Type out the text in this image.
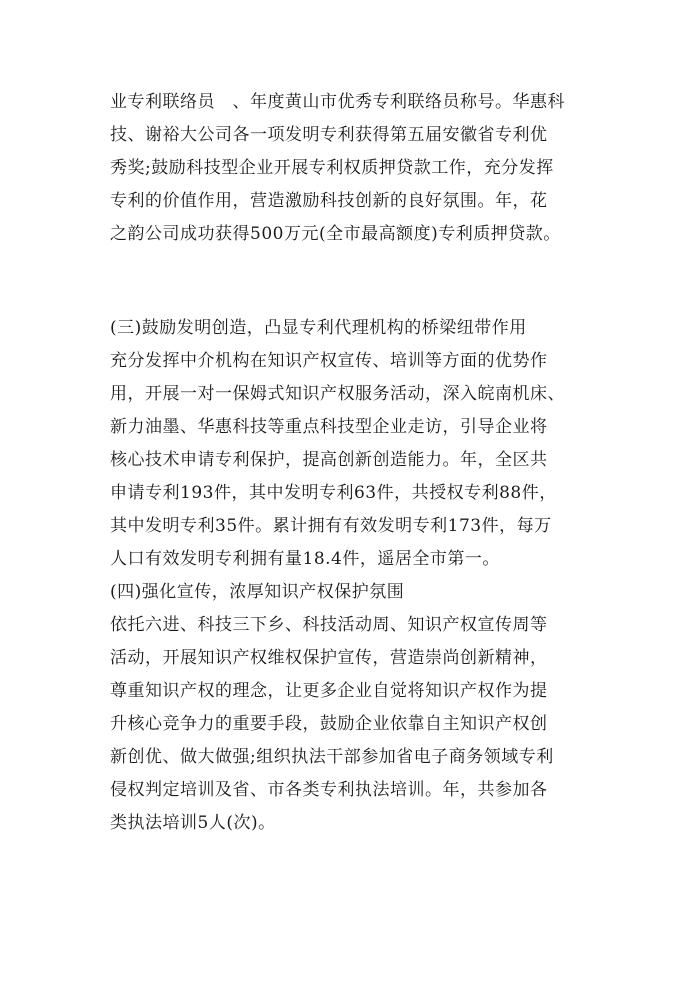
业专利联络员　、年度黄山市优秀专利联络员称号。华惠科
技、谢裕大公司各一项发明专利获得第五届安徽省专利优
秀奖;鼓励科技型企业开展专利权质押贷款工作，充分发挥
专利的价值作用，营造激励科技创新的良好氛围。年，花
之韵公司成功获得500万元(全市最高额度)专利质押贷款。
(三)鼓励发明创造，凸显专利代理机构的桥梁纽带作用
充分发挥中介机构在知识产权宣传、培训等方面的优势作
用，开展一对一保姆式知识产权服务活动，深入皖南机床、
新力油墨、华惠科技等重点科技型企业走访，引导企业将
核心技术申请专利保护，提高创新创造能力。年，全区共
申请专利193件，其中发明专利63件，共授权专利88件，
其中发明专利35件。累计拥有有效发明专利173件，每万
人口有效发明专利拥有量18.4件，遥居全市第一。
(四)强化宣传，浓厚知识产权保护氛围
依托六进、科技三下乡、科技活动周、知识产权宣传周等
活动，开展知识产权维权保护宣传，营造崇尚创新精神，
尊重知识产权的理念，让更多企业自觉将知识产权作为提
升核心竞争力的重要手段，鼓励企业依靠自主知识产权创
新创优、做大做强;组织执法干部参加省电子商务领域专利
侵权判定培训及省、市各类专利执法培训。年，共参加各
类执法培训5人(次)。
